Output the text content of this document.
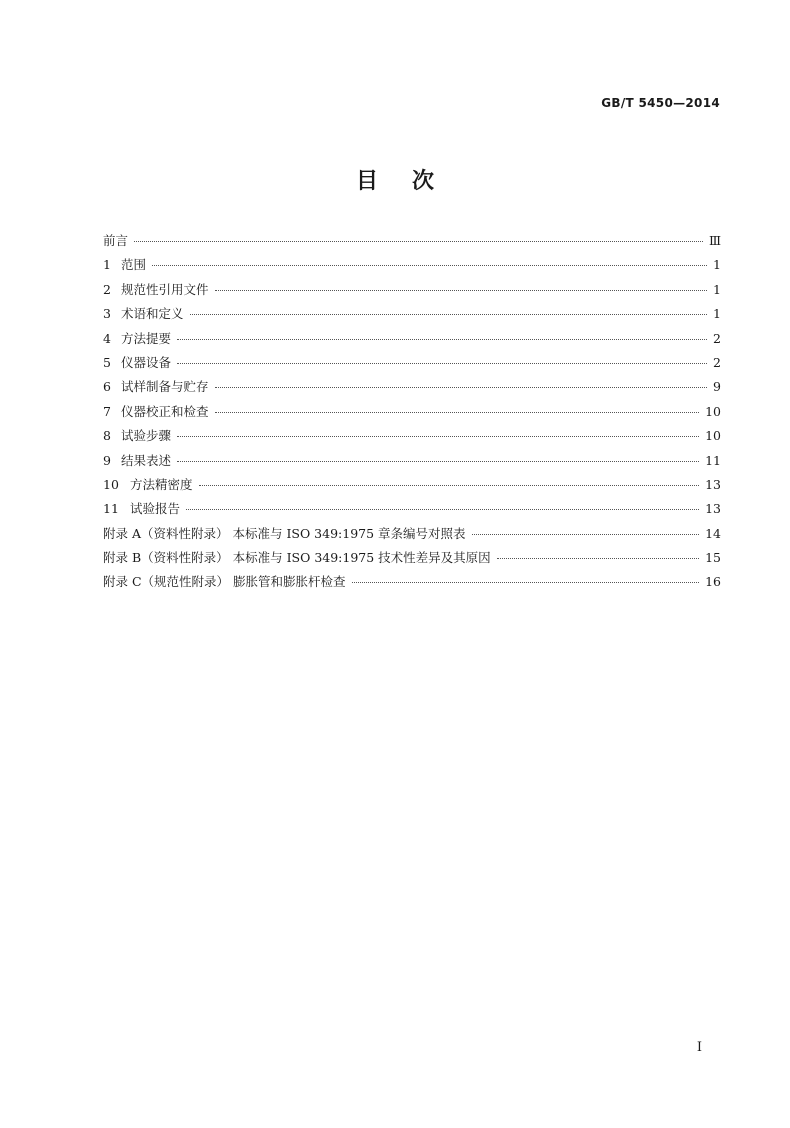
GB/T 5450—2014
目 次
前言	Ⅲ
1 范围	1
2 规范性引用文件	1
3 术语和定义	1
4 方法提要	2
5 仪器设备	2
6 试样制备与贮存	9
7 仪器校正和检查	10
8 试验步骤	10
9 结果表述	11
10 方法精密度	13
11 试验报告	13
附录 A（资料性附录） 本标准与 ISO 349:1975 章条编号对照表	14
附录 B（资料性附录） 本标准与 ISO 349:1975 技术性差异及其原因	15
附录 C（规范性附录） 膨胀管和膨胀杆检查	16
I
